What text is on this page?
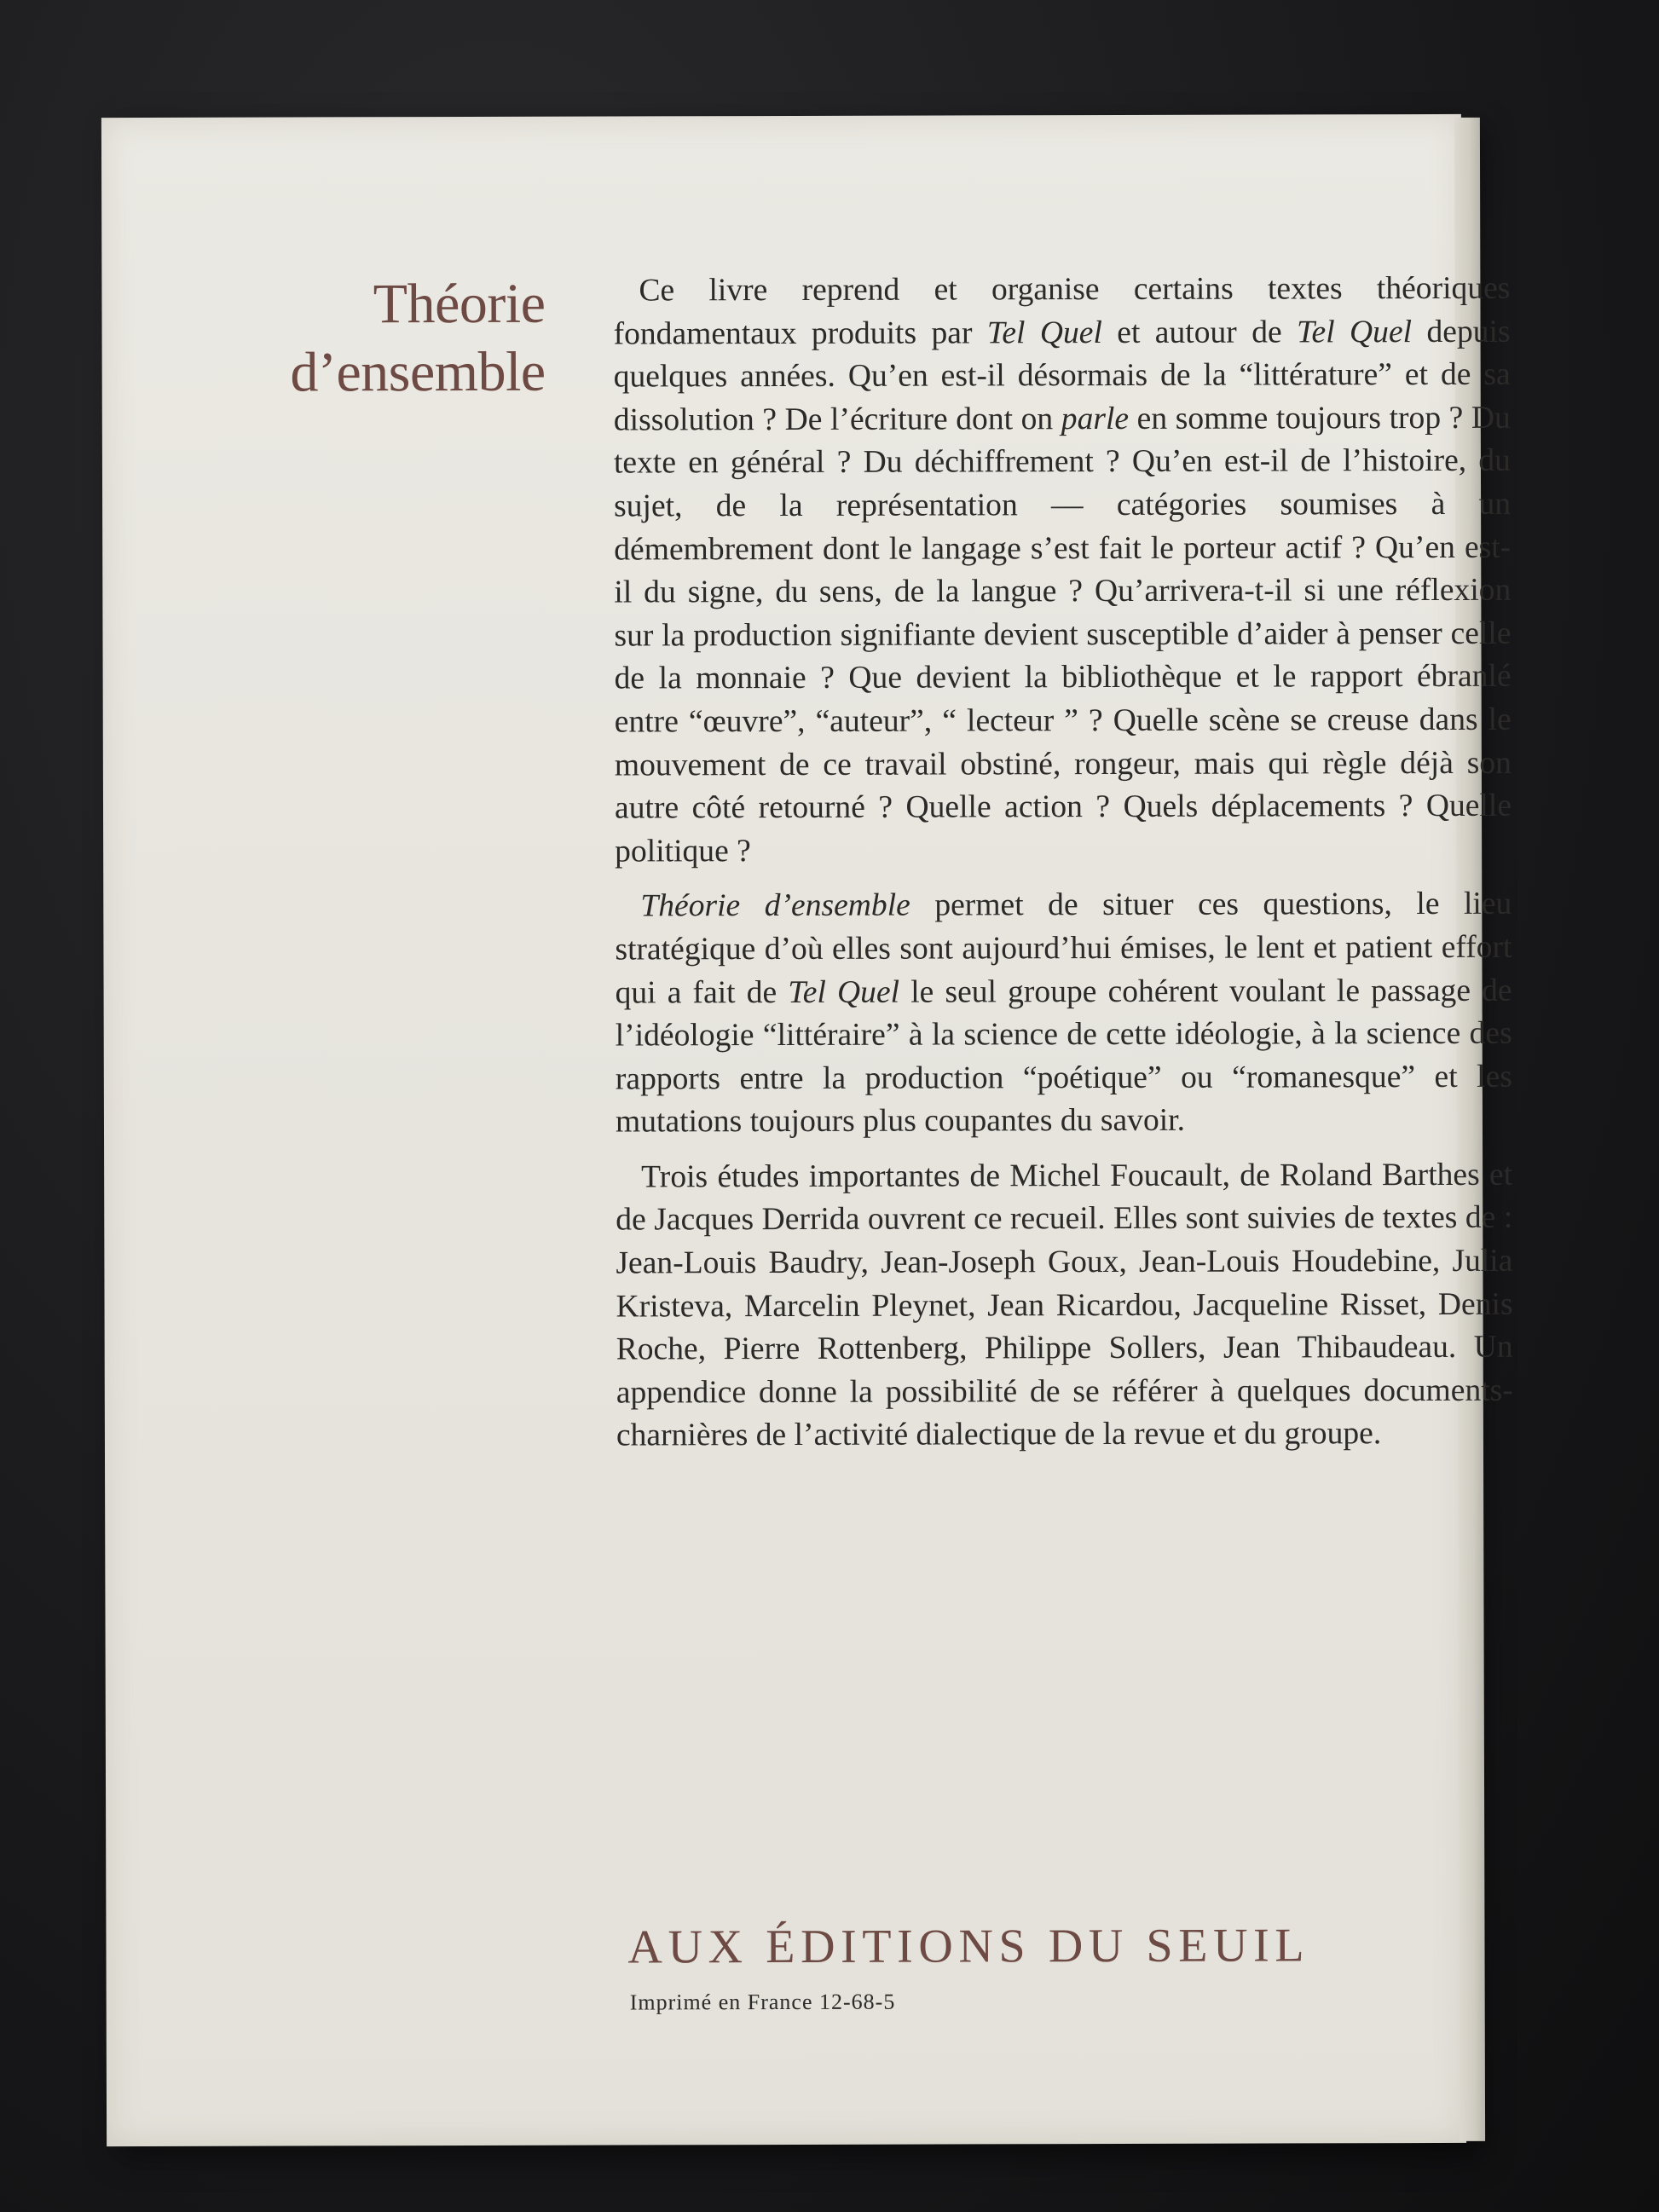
Théorie
d’ensemble

Ce livre reprend et organise certains textes théoriques fondamentaux produits par Tel Quel et autour de Tel Quel depuis quelques années. Qu’en est-il désormais de la “littérature” et de sa dissolution ? De l’écriture dont on parle en somme toujours trop ? Du texte en général ? Du déchiffrement ? Qu’en est-il de l’histoire, du sujet, de la représentation — catégories soumises à un démembrement dont le langage s’est fait le porteur actif ? Qu’en est-il du signe, du sens, de la langue ? Qu’arrivera-t-il si une réflexion sur la production signifiante devient susceptible d’aider à penser celle de la monnaie ? Que devient la bibliothèque et le rapport ébranlé entre “œuvre”, “auteur”, “ lecteur ” ? Quelle scène se creuse dans le mouvement de ce travail obstiné, rongeur, mais qui règle déjà son autre côté retourné ? Quelle action ? Quels déplacements ? Quelle politique ?

Théorie d’ensemble permet de situer ces questions, le lieu stratégique d’où elles sont aujourd’hui émises, le lent et patient effort qui a fait de Tel Quel le seul groupe cohérent voulant le passage de l’idéologie “littéraire” à la science de cette idéologie, à la science des rapports entre la production “poétique” ou “romanesque” et les mutations toujours plus coupantes du savoir.

Trois études importantes de Michel Foucault, de Roland Barthes et de Jacques Derrida ouvrent ce recueil. Elles sont suivies de textes de : Jean-Louis Baudry, Jean-Joseph Goux, Jean-Louis Houdebine, Julia Kristeva, Marcelin Pleynet, Jean Ricardou, Jacqueline Risset, Denis Roche, Pierre Rottenberg, Philippe Sollers, Jean Thibaudeau. Un appendice donne la possibilité de se référer à quelques documents-charnières de l’activité dialectique de la revue et du groupe.

AUX ÉDITIONS DU SEUIL
Imprimé en France 12-68-5
